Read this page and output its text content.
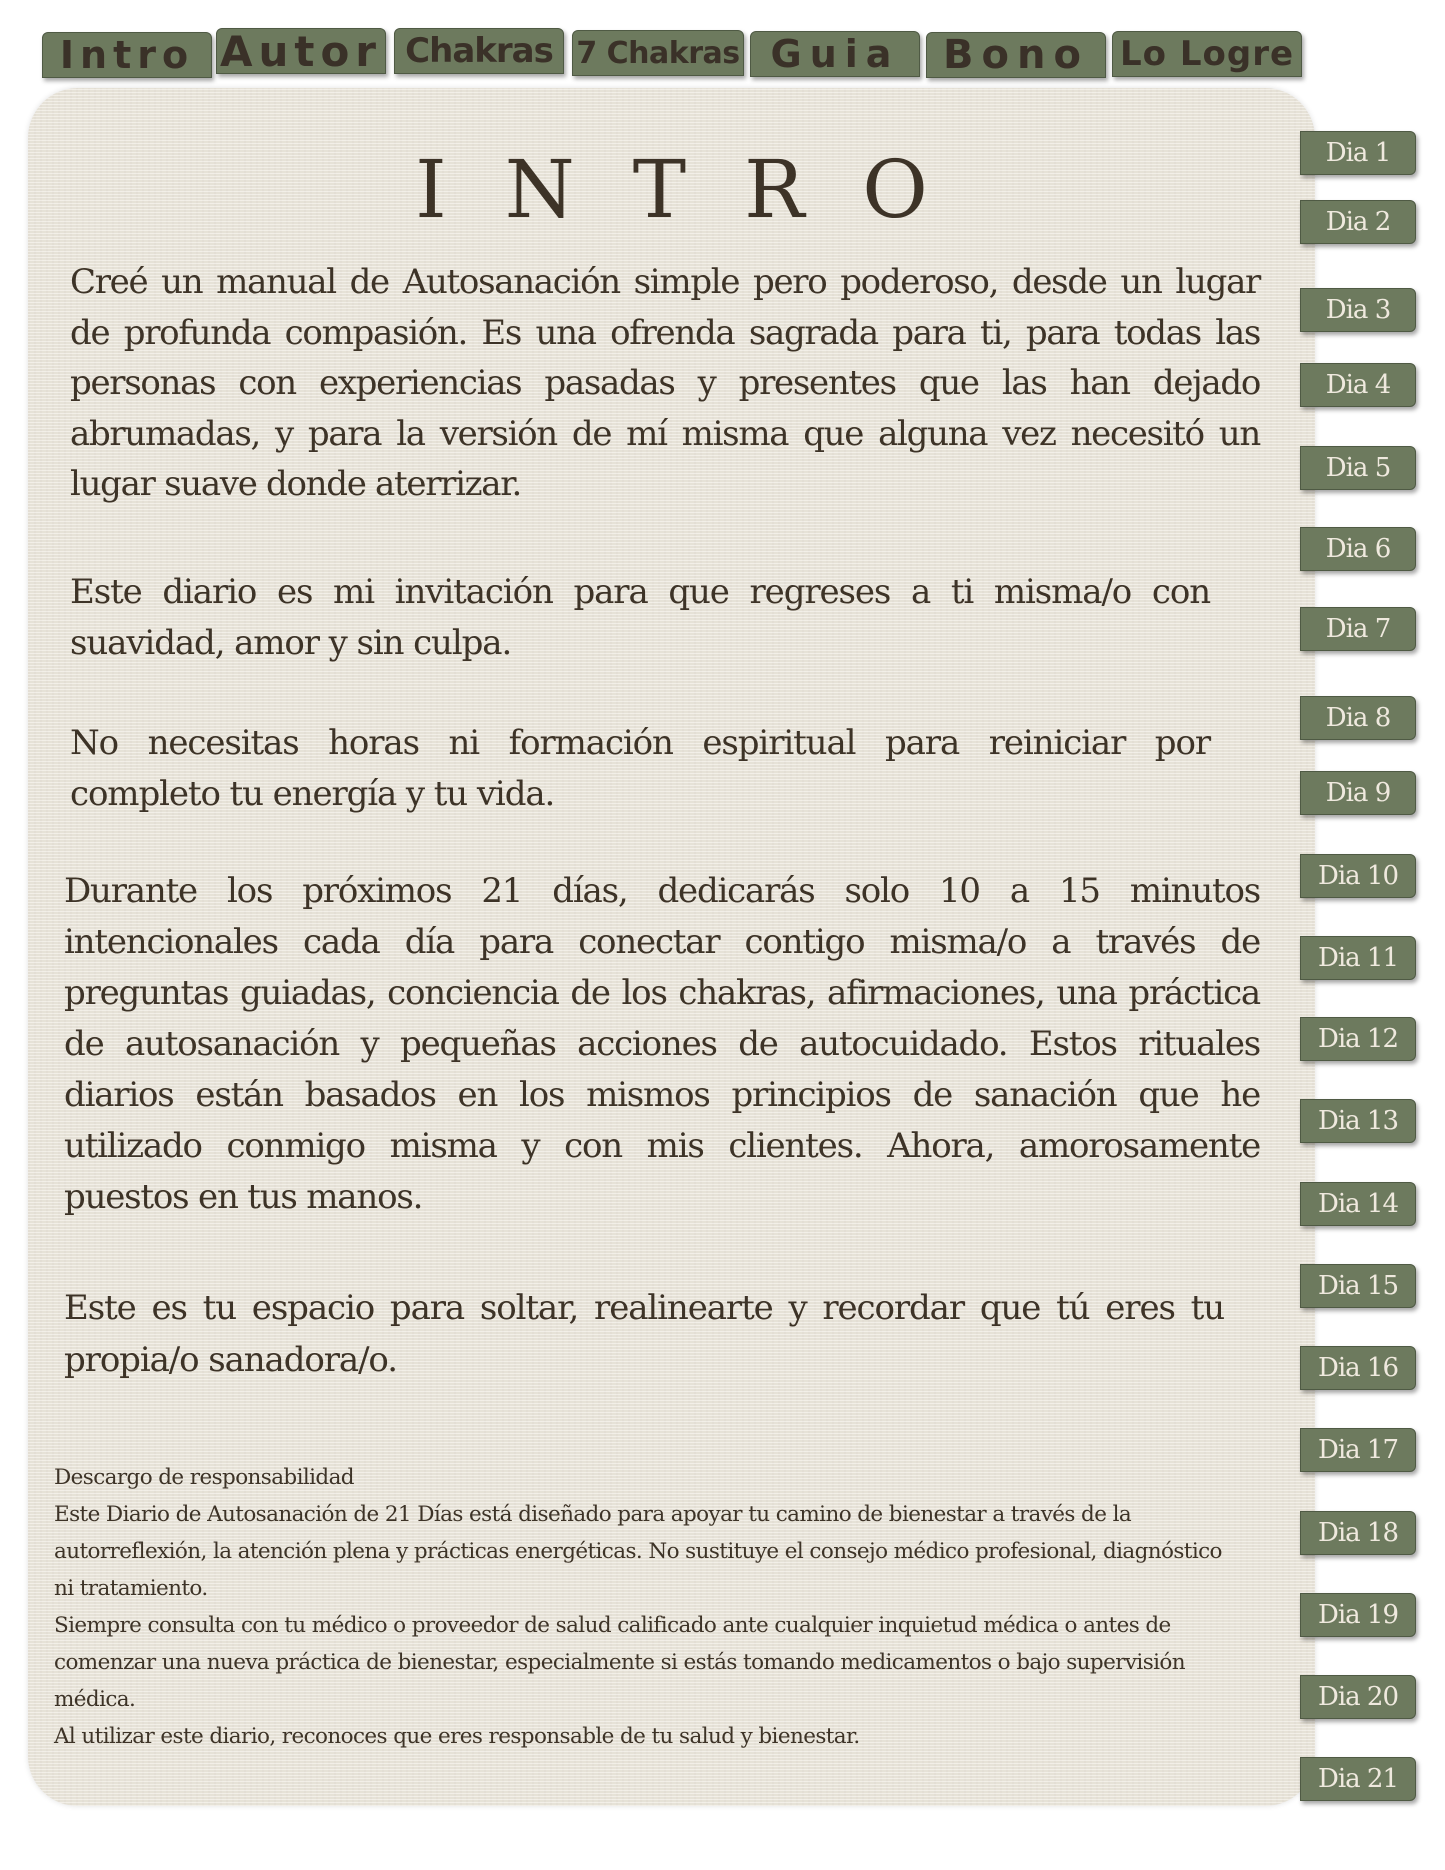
Intro Autor Chakras 7 Chakras Guia	Bono Lo Logre
INTRO

Creé un manual de Autosanación simple pero poderoso, desde un lugar de profunda compasión. Es una ofrenda sagrada para ti, para todas las personas con experiencias pasadas y presentes que las han dejado abrumadas, y para la versión de mí misma que alguna vez necesitó un lugar suave donde aterrizar.

Este diario es mi invitación para que regreses a ti misma/o con suavidad, amor y sin culpa.

No necesitas horas ni formación espiritual para reiniciar por completo tu energía y tu vida.

Durante los próximos 21 días, dedicarás solo 10 a 15 minutos intencionales cada día para conectar contigo misma/o a través de preguntas guiadas, conciencia de los chakras, afirmaciones, una práctica de autosanación y pequeñas acciones de autocuidado. Estos rituales diarios están basados en los mismos principios de sanación que he utilizado conmigo misma y con mis clientes. Ahora, amorosamente puestos en tus manos.

Este es tu espacio para soltar, realinearte y recordar que tú eres tu propia/o sanadora/o.

Descargo de responsabilidad
Este Diario de Autosanación de 21 Días está diseñado para apoyar tu camino de bienestar a través de la autorreflexión, la atención plena y prácticas energéticas. No sustituye el consejo médico profesional, diagnóstico ni tratamiento.
Siempre consulta con tu médico o proveedor de salud calificado ante cualquier inquietud médica o antes de comenzar una nueva práctica de bienestar, especialmente si estás tomando medicamentos o bajo supervisión médica.
Al utilizar este diario, reconoces que eres responsable de tu salud y bienestar.
Dia 1
Dia 2
Dia 3
Dia 4
Dia 5
Dia 6
Dia 7
Dia 8
Dia 9
Dia 10
Dia 11
Dia 12
Dia 13
Dia 14
Dia 15
Dia 16
Dia 17
Dia 18
Dia 19
Dia 20
Dia 21
